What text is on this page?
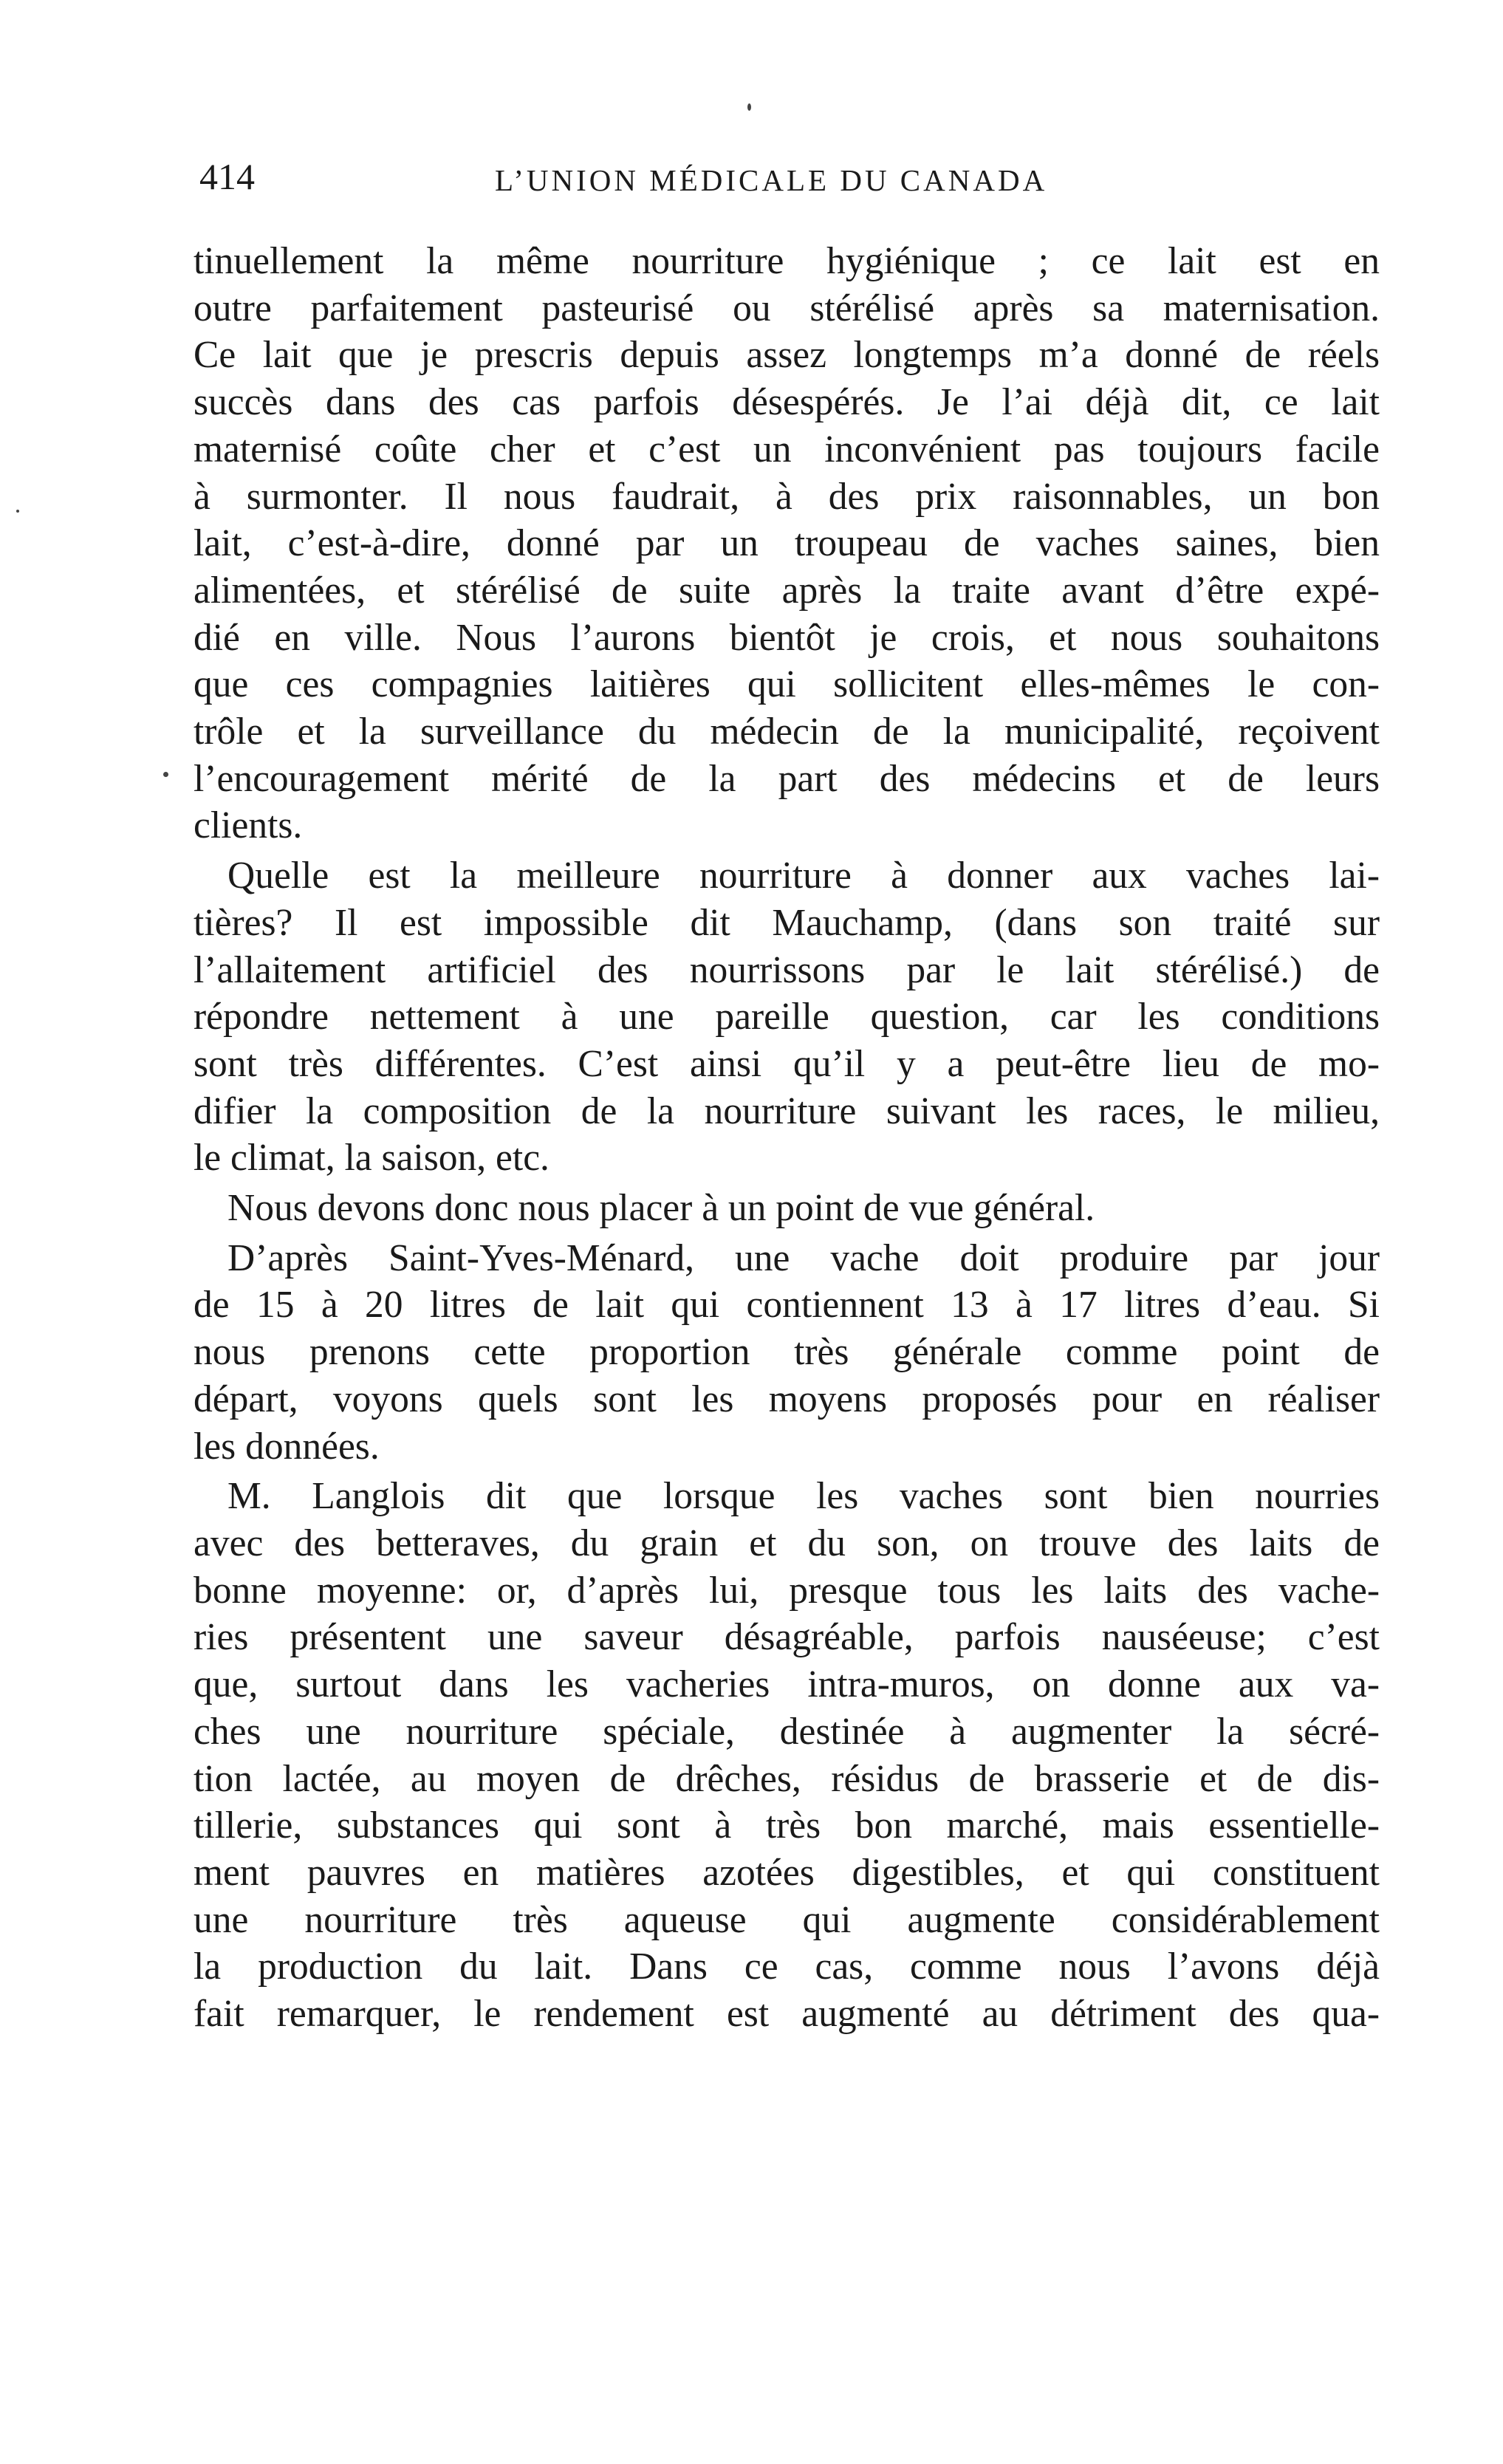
414	L’UNION MÉDICALE DU CANADA
tinuellement la même nourriture hygiénique ; ce lait est en
outre parfaitement pasteurisé ou stérélisé après sa maternisation.
Ce lait que je prescris depuis assez longtemps m’a donné de réels
succès dans des cas parfois désespérés. Je l’ai déjà dit, ce lait
maternisé coûte cher et c’est un inconvénient pas toujours facile
à surmonter. Il nous faudrait, à des prix raisonnables, un bon
lait, c’est-à-dire, donné par un troupeau de vaches saines, bien
alimentées, et stérélisé de suite après la traite avant d’être expé-
dié en ville. Nous l’aurons bientôt je crois, et nous souhaitons
que ces compagnies laitières qui sollicitent elles-mêmes le con-
trôle et la surveillance du médecin de la municipalité, reçoivent
l’encouragement mérité de la part des médecins et de leurs
clients.
Quelle est la meilleure nourriture à donner aux vaches lai-
tières? Il est impossible dit Mauchamp, (dans son traité sur
l’allaitement artificiel des nourrissons par le lait stérélisé.) de
répondre nettement à une pareille question, car les conditions
sont très différentes. C’est ainsi qu’il y a peut-être lieu de mo-
difier la composition de la nourriture suivant les races, le milieu,
le climat, la saison, etc.
Nous devons donc nous placer à un point de vue général.
D’après Saint-Yves-Ménard, une vache doit produire par jour
de 15 à 20 litres de lait qui contiennent 13 à 17 litres d’eau. Si
nous prenons cette proportion très générale comme point de
départ, voyons quels sont les moyens proposés pour en réaliser
les données.
M. Langlois dit que lorsque les vaches sont bien nourries
avec des betteraves, du grain et du son, on trouve des laits de
bonne moyenne: or, d’après lui, presque tous les laits des vache-
ries présentent une saveur désagréable, parfois nauséeuse; c’est
que, surtout dans les vacheries intra-muros, on donne aux va-
ches une nourriture spéciale, destinée à augmenter la sécré-
tion lactée, au moyen de drêches, résidus de brasserie et de dis-
tillerie, substances qui sont à très bon marché, mais essentielle-
ment pauvres en matières azotées digestibles, et qui constituent
une nourriture très aqueuse qui augmente considérablement
la production du lait. Dans ce cas, comme nous l’avons déjà
fait remarquer, le rendement est augmenté au détriment des qua-
